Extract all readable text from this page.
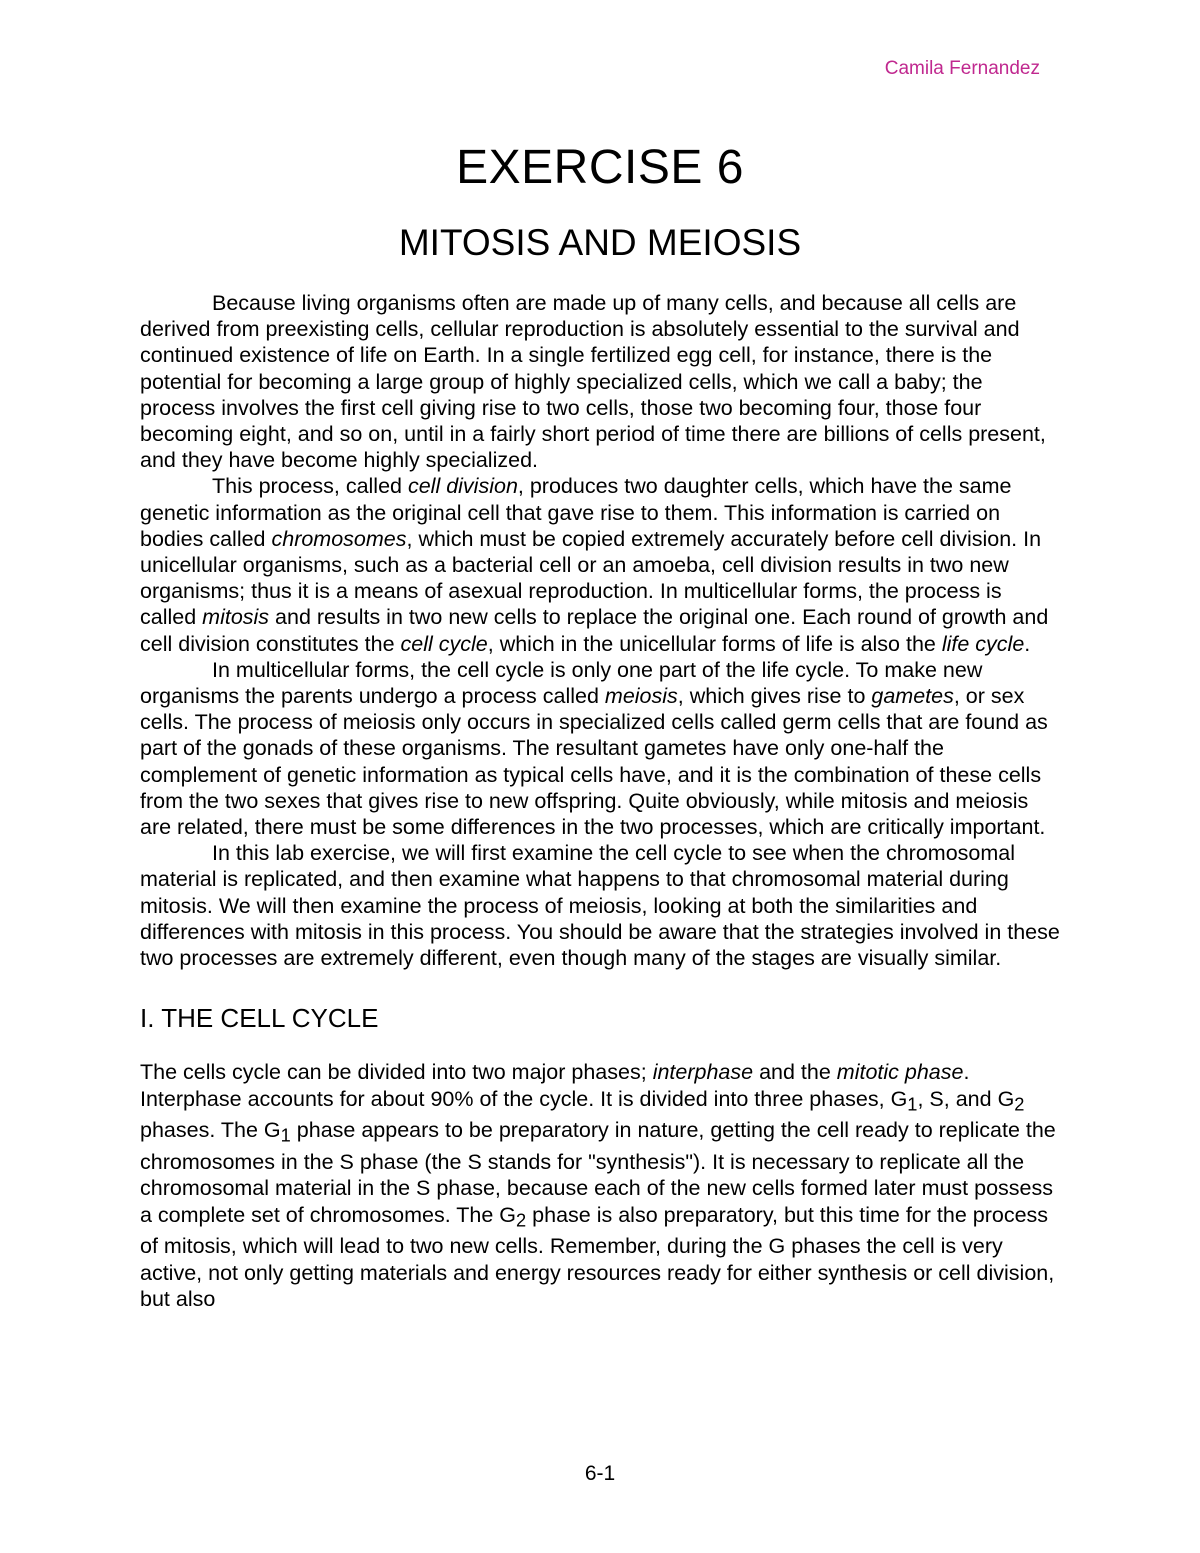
Camila Fernandez
EXERCISE 6
MITOSIS AND MEIOSIS

Because living organisms often are made up of many cells, and because all cells are derived from preexisting cells, cellular reproduction is absolutely essential to the survival and continued existence of life on Earth. In a single fertilized egg cell, for instance, there is the potential for becoming a large group of highly specialized cells, which we call a baby; the process involves the first cell giving rise to two cells, those two becoming four, those four becoming eight, and so on, until in a fairly short period of time there are billions of cells present, and they have become highly specialized.

This process, called cell division, produces two daughter cells, which have the same genetic information as the original cell that gave rise to them. This information is carried on bodies called chromosomes, which must be copied extremely accurately before cell division. In unicellular organisms, such as a bacterial cell or an amoeba, cell division results in two new organisms; thus it is a means of asexual reproduction. In multicellular forms, the process is called mitosis and results in two new cells to replace the original one. Each round of growth and cell division constitutes the cell cycle, which in the unicellular forms of life is also the life cycle.

In multicellular forms, the cell cycle is only one part of the life cycle. To make new organisms the parents undergo a process called meiosis, which gives rise to gametes, or sex cells. The process of meiosis only occurs in specialized cells called germ cells that are found as part of the gonads of these organisms. The resultant gametes have only one-half the complement of genetic information as typical cells have, and it is the combination of these cells from the two sexes that gives rise to new offspring. Quite obviously, while mitosis and meiosis are related, there must be some differences in the two processes, which are critically important.

In this lab exercise, we will first examine the cell cycle to see when the chromosomal material is replicated, and then examine what happens to that chromosomal material during mitosis. We will then examine the process of meiosis, looking at both the similarities and differences with mitosis in this process. You should be aware that the strategies involved in these two processes are extremely different, even though many of the stages are visually similar.

I. THE CELL CYCLE

The cells cycle can be divided into two major phases; interphase and the mitotic phase. Interphase accounts for about 90% of the cycle. It is divided into three phases, $G_1$, S, and $G_2$ phases. The $G_1$ phase appears to be preparatory in nature, getting the cell ready to replicate the chromosomes in the S phase (the S stands for "synthesis"). It is necessary to replicate all the chromosomal material in the S phase, because each of the new cells formed later must possess a complete set of chromosomes. The $G_2$ phase is also preparatory, but this time for the process of mitosis, which will lead to two new cells. Remember, during the G phases the cell is very active, not only getting materials and energy resources ready for either synthesis or cell division, but also

6-1
